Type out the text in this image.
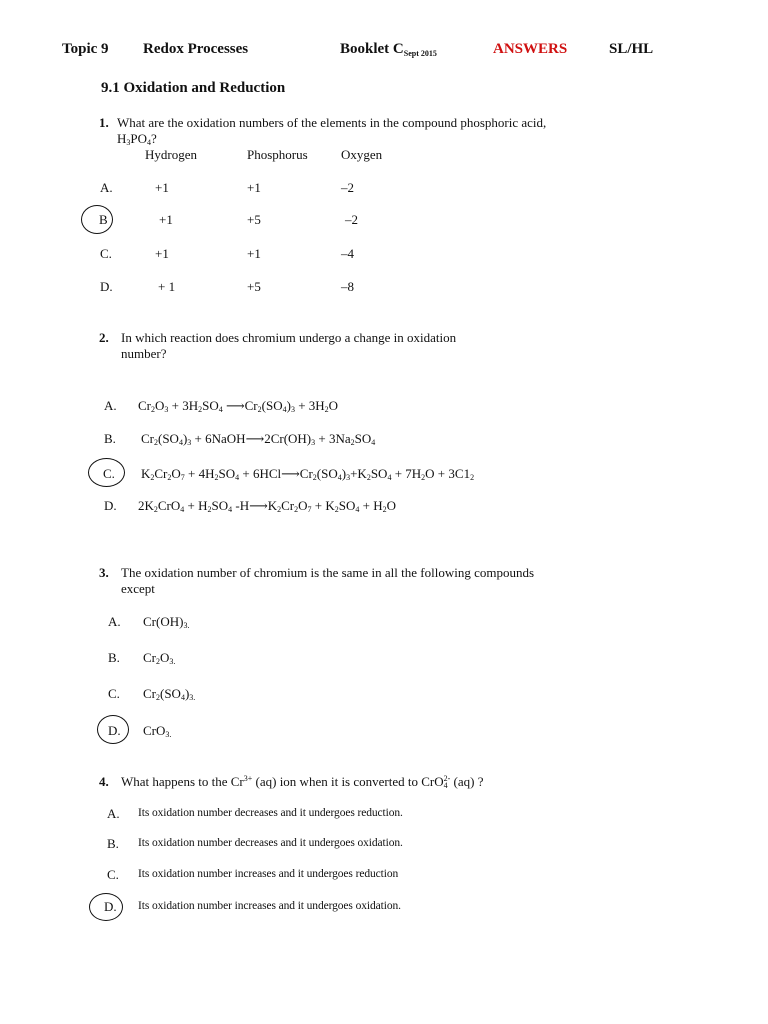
Topic 9 Redox Processes	Booklet $C_{Sept 2015}$	ANSWERS	SL/HL
9.1 Oxidation and Reduction
1. What are the oxidation numbers of the elements in the compound phosphoric acid,
$H_3PO_4$?
Hydrogen	Phosphorus	Oxygen
A.	+1	+1	–2
B	+1	+5	–2
C.	+1	+1	–4
D.	+ 1	+5	–8
2. In which reaction does chromium undergo a change in oxidation
number?
A. $Cr_2O_3 + 3H_2SO_4$ $⟶Cr_2(SO_4)_3 + 3H_2O$
B. $Cr_2(SO_4)_3$ + $6NaOH⟶2Cr(OH)_3 + 3Na_2SO_4$
C. $K_2Cr_2O_7 + 4H_2SO_4$ + $6HCl⟶Cr_2(SO_4)_3+K_2SO_4 + 7H_2O + 3C1_2$
D. $2K_2CrO_4 + H_2SO_4$ $-H⟶K_2Cr_2O_7 + K_2SO_4 + H_2O$
3. The oxidation number of chromium is the same in all the following compounds
except
A. $Cr(OH)_{3.}$
B. $Cr_2O_{3.}$
C. $Cr_2(SO_4)_{3.}$
D. CrO$_{3.}$
4. What happens to the $Cr^{3+}$ (aq) ion when it is converted to CrO$_4^{2-}$ (aq) ?
A. Its oxidation number decreases and it undergoes reduction.
B. Its oxidation number decreases and it undergoes oxidation.
C. Its oxidation number increases and it undergoes reduction
D. Its oxidation number increases and it undergoes oxidation.
